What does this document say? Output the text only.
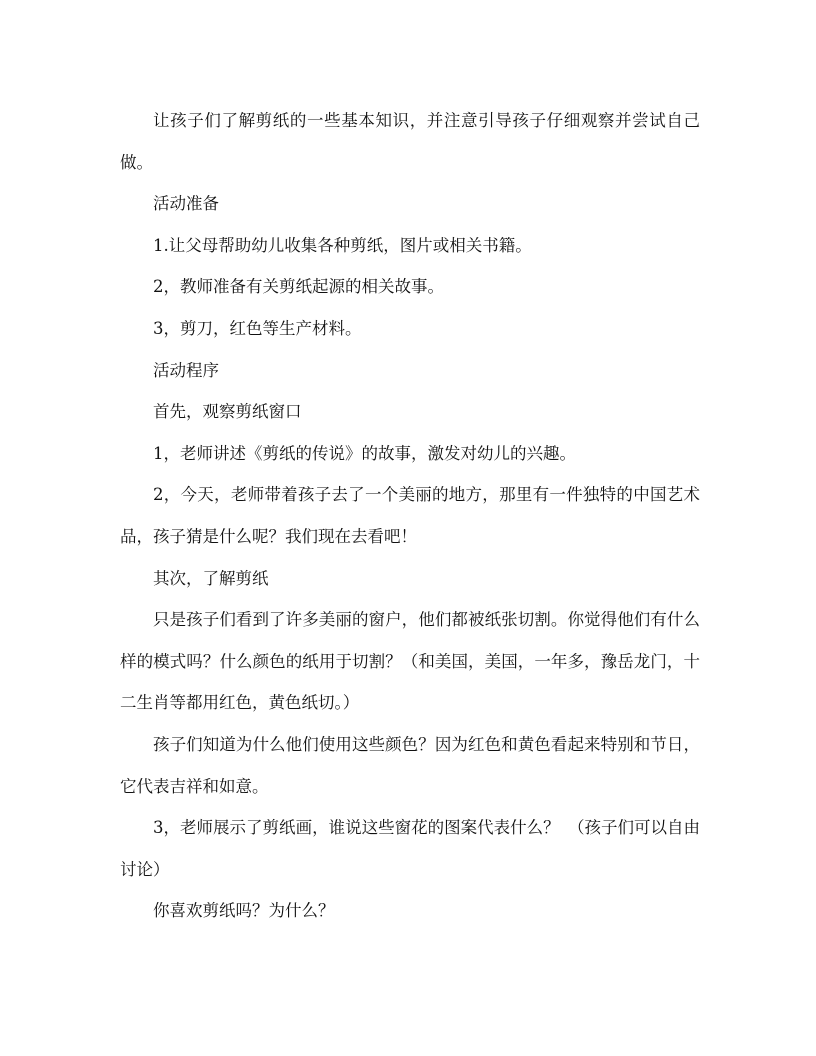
让孩子们了解剪纸的一些基本知识，并注意引导孩子仔细观察并尝试自己做。

活动准备

1.让父母帮助幼儿收集各种剪纸，图片或相关书籍。

2，教师准备有关剪纸起源的相关故事。

3，剪刀，红色等生产材料。

活动程序

首先，观察剪纸窗口

1，老师讲述《剪纸的传说》的故事，激发对幼儿的兴趣。

2，今天，老师带着孩子去了一个美丽的地方，那里有一件独特的中国艺术品，孩子猜是什么呢？我们现在去看吧！

其次，了解剪纸

只是孩子们看到了许多美丽的窗户，他们都被纸张切割。你觉得他们有什么样的模式吗？什么颜色的纸用于切割？（和美国，美国，一年多，豫岳龙门，十二生肖等都用红色，黄色纸切。）

孩子们知道为什么他们使用这些颜色？因为红色和黄色看起来特别和节日，它代表吉祥和如意。

3，老师展示了剪纸画，谁说这些窗花的图案代表什么？　（孩子们可以自由讨论）

你喜欢剪纸吗？为什么？
